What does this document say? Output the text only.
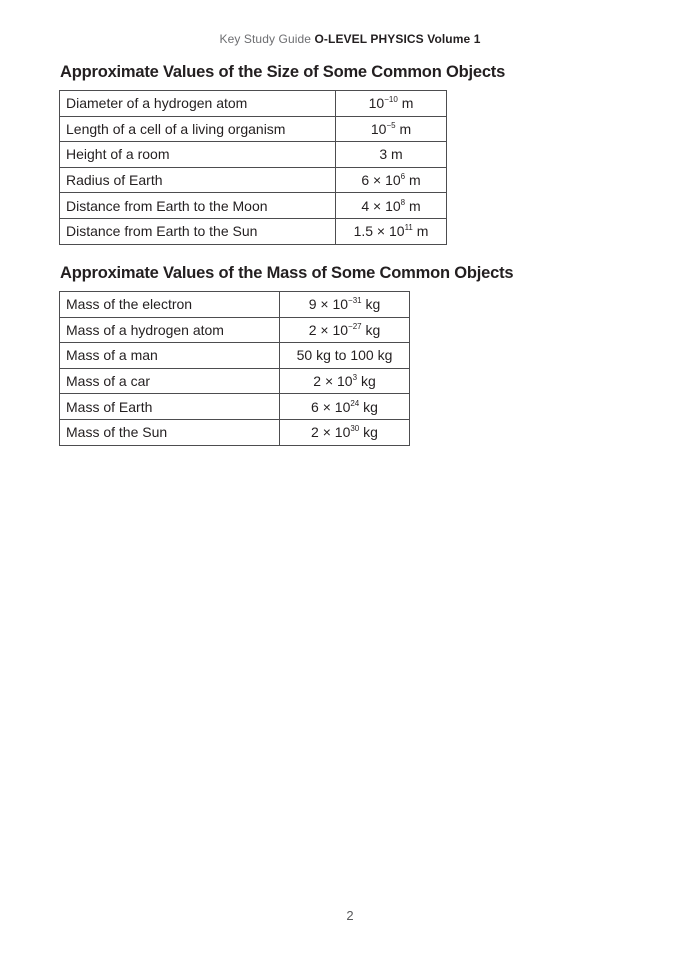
Key Study Guide O-LEVEL PHYSICS Volume 1
Approximate Values of the Size of Some Common Objects
Diameter of a hydrogen atom	$10^{-10}$ m
Length of a cell of a living organism	$10^{-5}$ m
Height of a room	3 m
Radius of Earth	$6 \times 10^6$ m
Distance from Earth to the Moon	$4 \times 10^8$ m
Distance from Earth to the Sun	$1.5 \times 10^{11}$ m
Approximate Values of the Mass of Some Common Objects
Mass of the electron	$9 \times 10^{-31}$ kg
Mass of a hydrogen atom	$2 \times 10^{-27}$ kg
Mass of a man	50 kg to 100 kg
Mass of a car	$2 \times 10^3$ kg
Mass of Earth	$6 \times 10^{24}$ kg
Mass of the Sun	$2 \times 10^{30}$ kg
2
